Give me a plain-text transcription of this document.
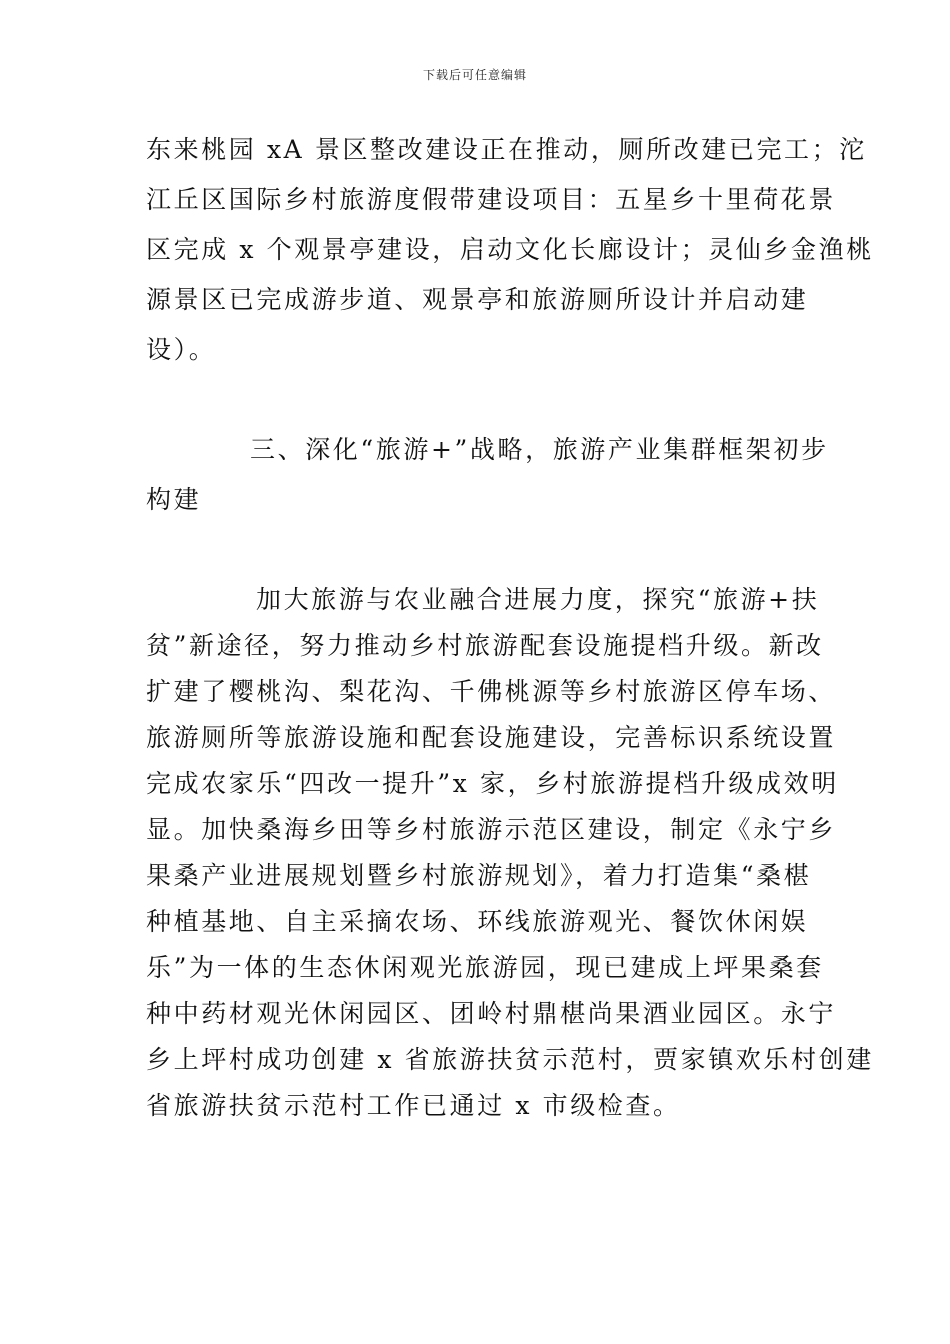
下载后可任意编辑
东来桃园 xA 景区整改建设正在推动，厕所改建已完工；沱
江丘区国际乡村旅游度假带建设项目：五星乡十里荷花景
区完成 x 个观景亭建设，启动文化长廊设计；灵仙乡金渔桃
源景区已完成游步道、观景亭和旅游厕所设计并启动建
设）。
三、深化“旅游+”战略，旅游产业集群框架初步
构建
加大旅游与农业融合进展力度，探究“旅游+扶
贫”新途径，努力推动乡村旅游配套设施提档升级。新改
扩建了樱桃沟、梨花沟、千佛桃源等乡村旅游区停车场、
旅游厕所等旅游设施和配套设施建设，完善标识系统设置
完成农家乐“四改一提升”x 家，乡村旅游提档升级成效明
显。加快桑海乡田等乡村旅游示范区建设，制定《永宁乡
果桑产业进展规划暨乡村旅游规划》，着力打造集“桑椹
种植基地、自主采摘农场、环线旅游观光、餐饮休闲娱
乐”为一体的生态休闲观光旅游园，现已建成上坪果桑套
种中药材观光休闲园区、团岭村鼎椹尚果酒业园区。永宁
乡上坪村成功创建 x 省旅游扶贫示范村，贾家镇欢乐村创建
省旅游扶贫示范村工作已通过 x 市级检查。
